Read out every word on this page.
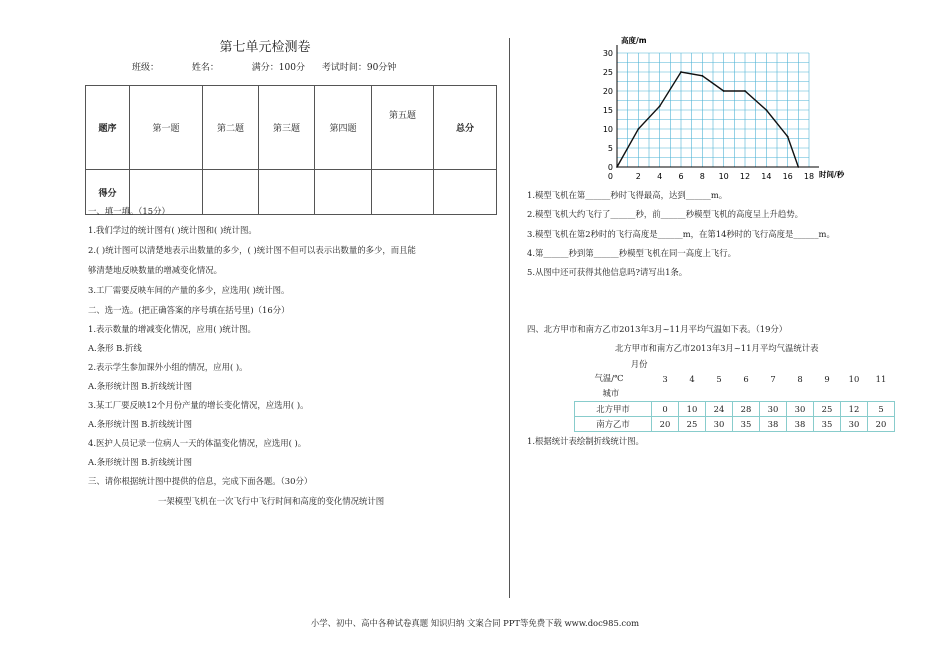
第七单元检测卷
班级：	姓名：	满分：100分 考试时间：90分钟
题序	第一题	第二题	第三题	第四题	第五题	总分
得分						
一、填一填。（15分）
1.我们学过的统计图有( )统计图和( )统计图。
2.( )统计图可以清楚地表示出数量的多少，( )统计图不但可以表示出数量的多少，而且能
够清楚地反映数量的增减变化情况。
3.工厂需要反映车间的产量的多少，应选用( )统计图。
二、选一选。(把正确答案的序号填在括号里)（16分）
1.表示数量的增减变化情况，应用( )统计图。
A.条形 B.折线
2.表示学生参加课外小组的情况，应用( )。
A.条形统计图 B.折线统计图
3.某工厂要反映12个月份产量的增长变化情况，应选用( )。
A.条形统计图 B.折线统计图
4.医护人员记录一位病人一天的体温变化情况，应选用( )。
A.条形统计图 B.折线统计图
三、请你根据统计图中提供的信息，完成下面各题。（30分）
一架模型飞机在一次飞行中飞行时间和高度的变化情况统计图
0
5
10
15
20
25
30
2 4 6 8 10 12 14 16 18
0
高度/m
时间/秒
1.模型飞机在第______秒时飞得最高，达到______m。
2.模型飞机大约飞行了______秒，前______秒模型飞机的高度呈上升趋势。
3.模型飞机在第2秒时的飞行高度是______m，在第14秒时的飞行高度是______m。
4.第______秒到第______秒模型飞机在同一高度上飞行。
5.从图中还可获得其他信息吗?请写出1条。
四、北方甲市和南方乙市2013年3月~11月平均气温如下表。（19分）
北方甲市和南方乙市2013年3月~11月平均气温统计表
月份
气温/℃
城市	3	4	5	6	7	8	9	10	11
北方甲市	0	10	24	28	30	30	25	12	5
南方乙市	20	25	30	35	38	38	35	30	20
1.根据统计表绘制折线统计图。
小学、初中、高中各种试卷真题 知识归纳 文案合同 PPT等免费下载 www.doc985.com
